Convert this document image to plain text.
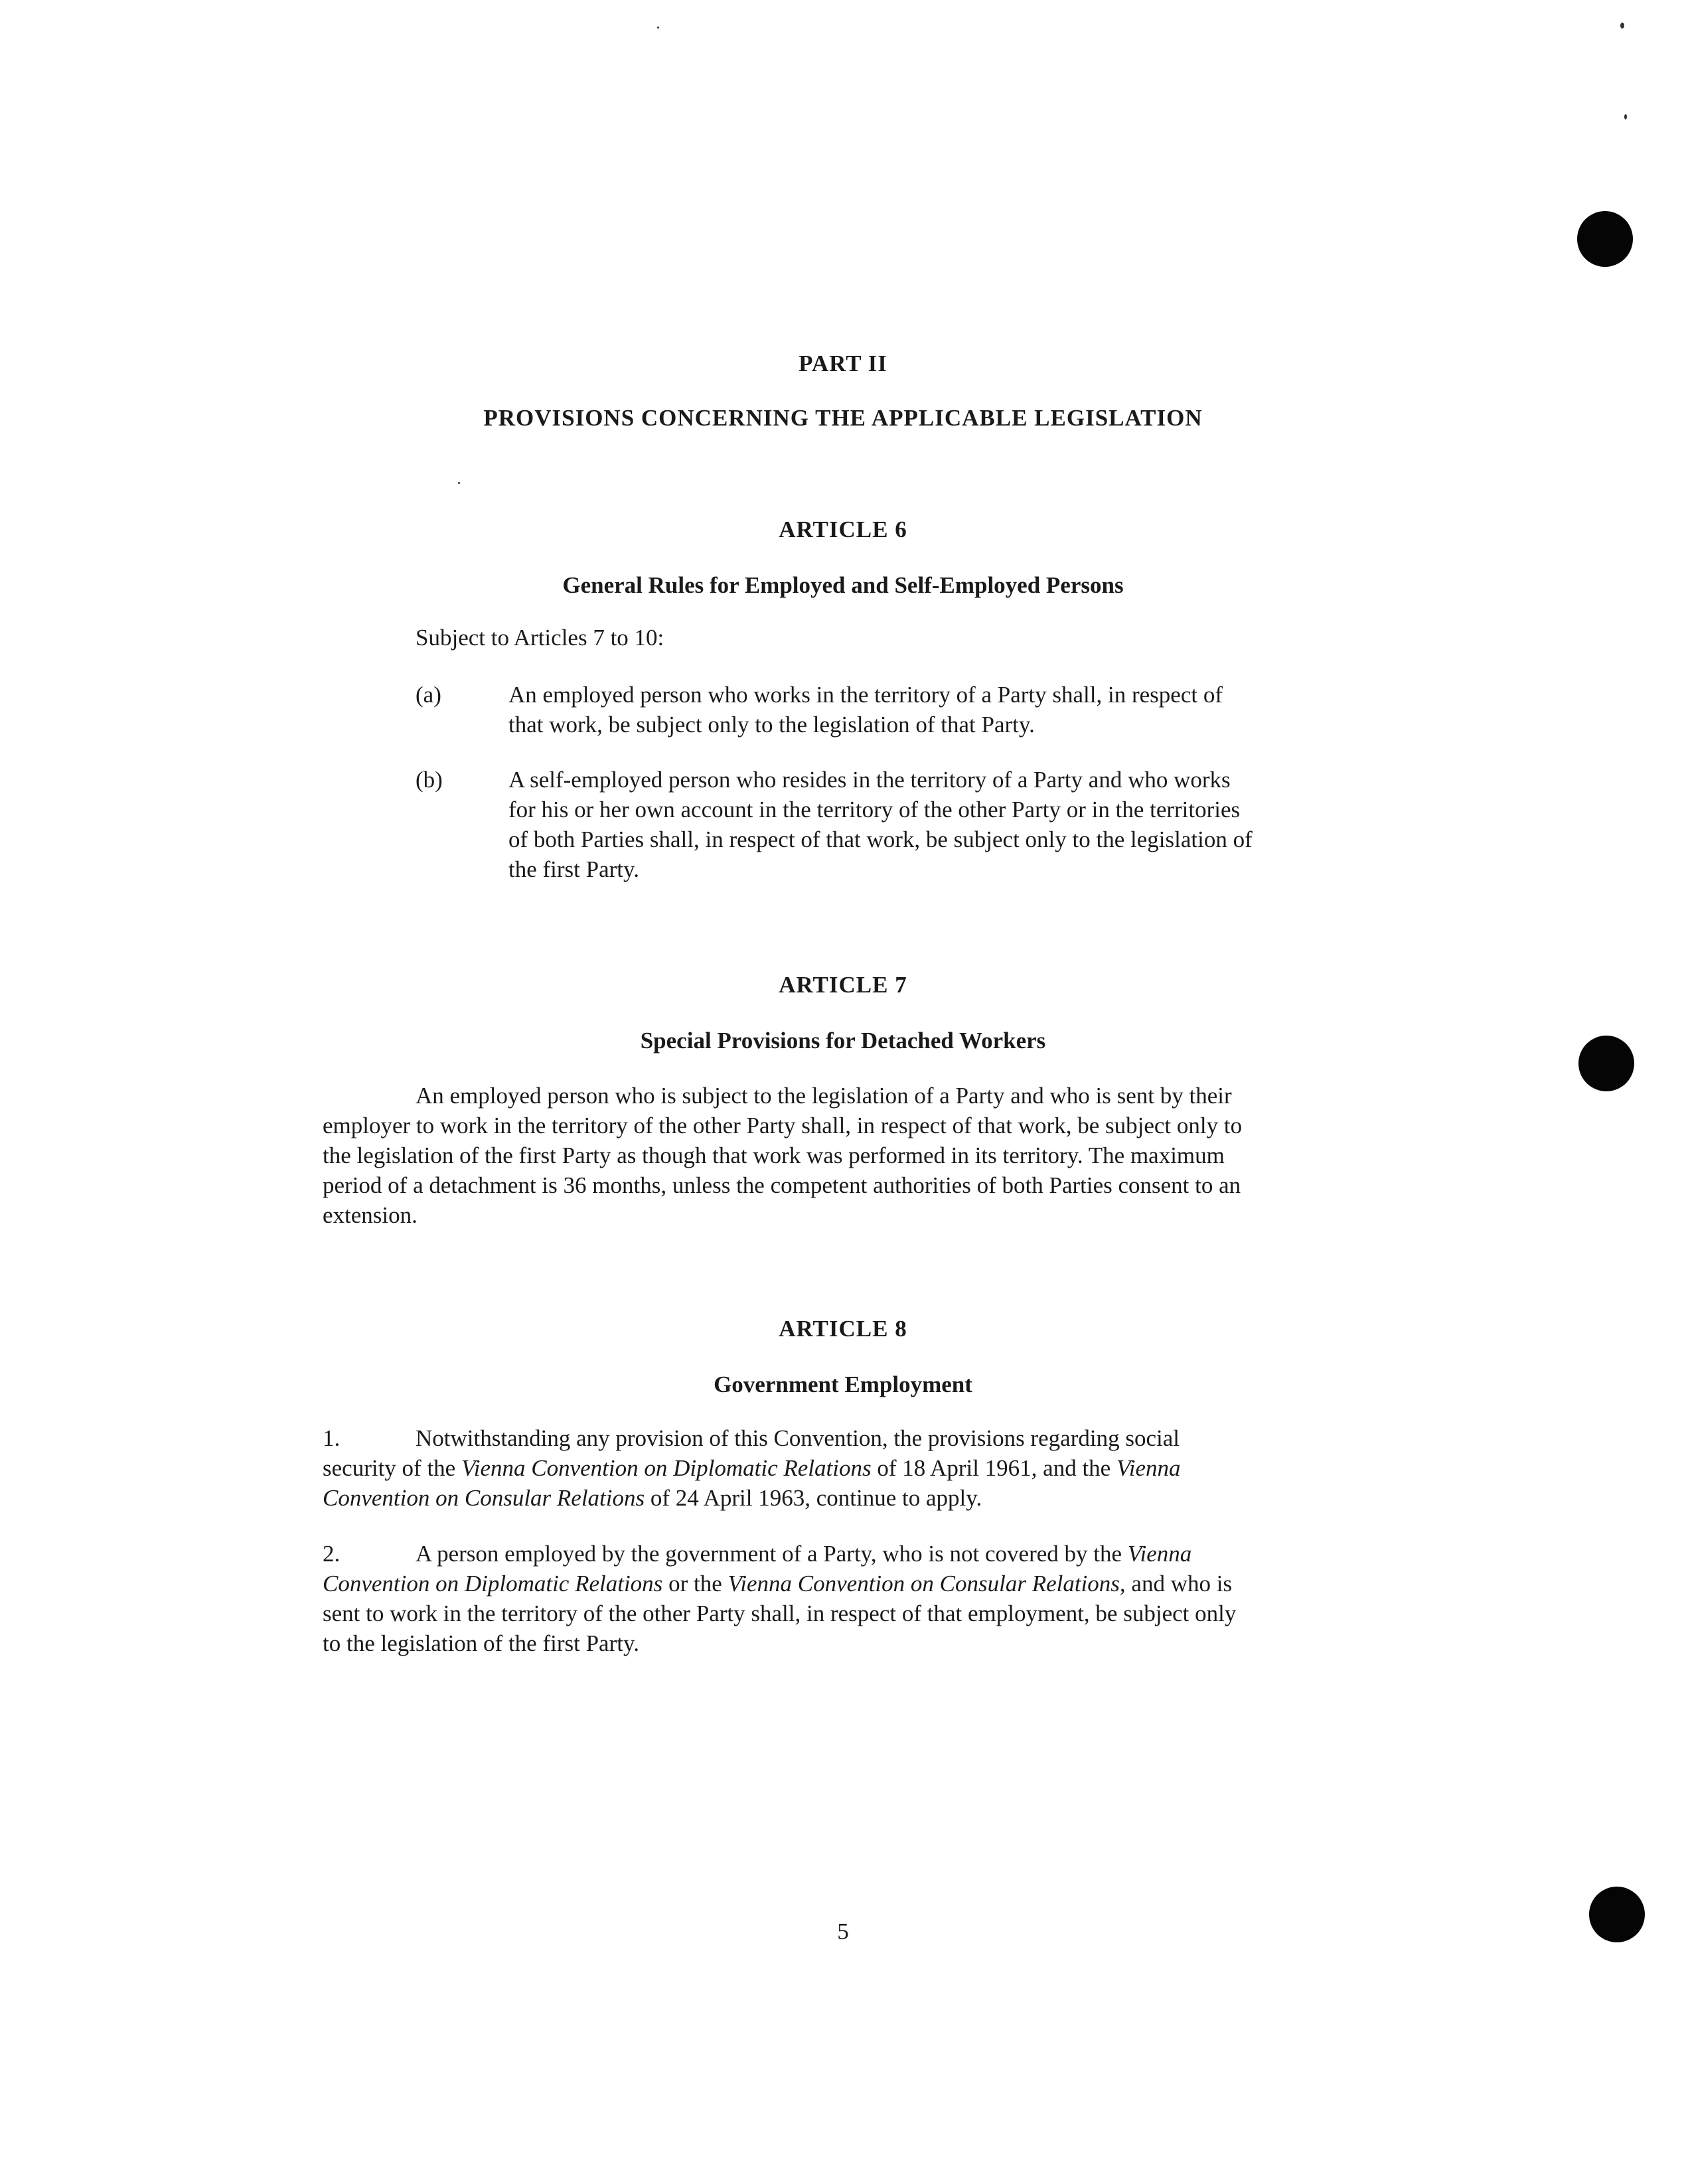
PART II
PROVISIONS CONCERNING THE APPLICABLE LEGISLATION
ARTICLE 6
General Rules for Employed and Self-Employed Persons
Subject to Articles 7 to 10:
(a)	An employed person who works in the territory of a Party shall, in respect of
that work, be subject only to the legislation of that Party.
(b)	A self-employed person who resides in the territory of a Party and who works
for his or her own account in the territory of the other Party or in the territories
of both Parties shall, in respect of that work, be subject only to the legislation of
the first Party.
ARTICLE 7
Special Provisions for Detached Workers
An employed person who is subject to the legislation of a Party and who is sent by their
employer to work in the territory of the other Party shall, in respect of that work, be subject only to
the legislation of the first Party as though that work was performed in its territory. The maximum
period of a detachment is 36 months, unless the competent authorities of both Parties consent to an
extension.
ARTICLE 8
Government Employment
1.	Notwithstanding any provision of this Convention, the provisions regarding social
security of the Vienna Convention on Diplomatic Relations of 18 April 1961, and the Vienna
Convention on Consular Relations of 24 April 1963, continue to apply.
2.	A person employed by the government of a Party, who is not covered by the Vienna
Convention on Diplomatic Relations or the Vienna Convention on Consular Relations, and who is
sent to work in the territory of the other Party shall, in respect of that employment, be subject only
to the legislation of the first Party.
5
